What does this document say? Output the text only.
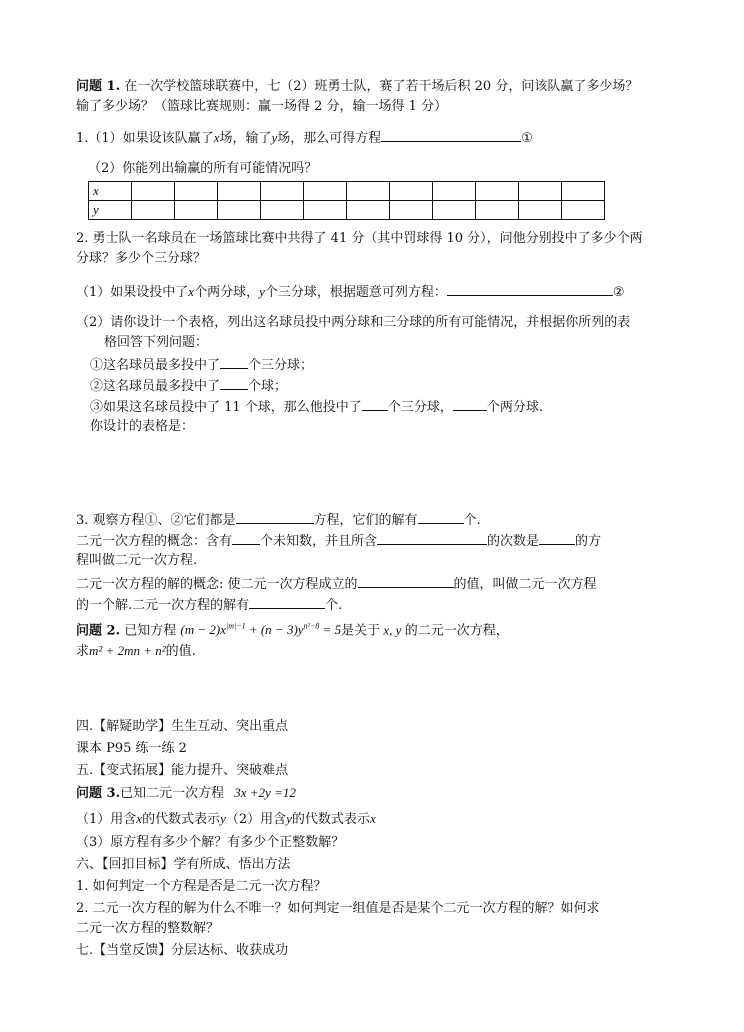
问题 1. 在一次学校篮球联赛中，七（2）班勇士队，赛了若干场后积 20 分，问该队赢了多少场？
输了多少场？（篮球比赛规则：赢一场得 2 分，输一场得 1 分）
1.（1）如果设该队赢了x场，输了y场，那么可得方程	①
（2）你能列出输赢的所有可能情况吗？
x											
y											
2. 勇士队一名球员在一场篮球比赛中共得了 41 分（其中罚球得 10 分），问他分别投中了多少个两
分球？多少个三分球？
（1）如果设投中了x个两分球，y个三分球，根据题意可列方程：	②
（2）请你设计一个表格，列出这名球员投中两分球和三分球的所有可能情况，并根据你所列的表
格回答下列问题：
①这名球员最多投中了 个三分球；
②这名球员最多投中了 个球；
③如果这名球员投中了 11 个球，那么他投中了 个三分球，	个两分球.
你设计的表格是：
3. 观察方程①、②它们都是	方程，它们的解有	个.
二元一次方程的概念：含有 个未知数，并且所含	的次数是	的方
程叫做二元一次方程.
二元一次方程的解的概念: 使二元一次方程成立的	的值，叫做二元一次方程
的一个解.二元一次方程的解有	个.
问题 2. 已知方程 $(m - 2)x^{|m|-1} + (n - 3)y^{n^2-8} = 5$是关于 x, y 的二元一次方程，
求m² + 2mn + n²的值.
四.【解疑助学】生生互动、突出重点
课本 P95 练一练 2
五.【变式拓展】能力提升、突破难点
问题 3.已知二元一次方程 3x +2y =12
（1）用含x的代数式表示y（2）用含y的代数式表示x
（3）原方程有多少个解？有多少个正整数解？
六、【回扣目标】学有所成、悟出方法
1. 如何判定一个方程是否是二元一次方程？
2. 二元一次方程的解为什么不唯一？如何判定一组值是否是某个二元一次方程的解？如何求
二元一次方程的整数解？
七.【当堂反馈】分层达标、收获成功
